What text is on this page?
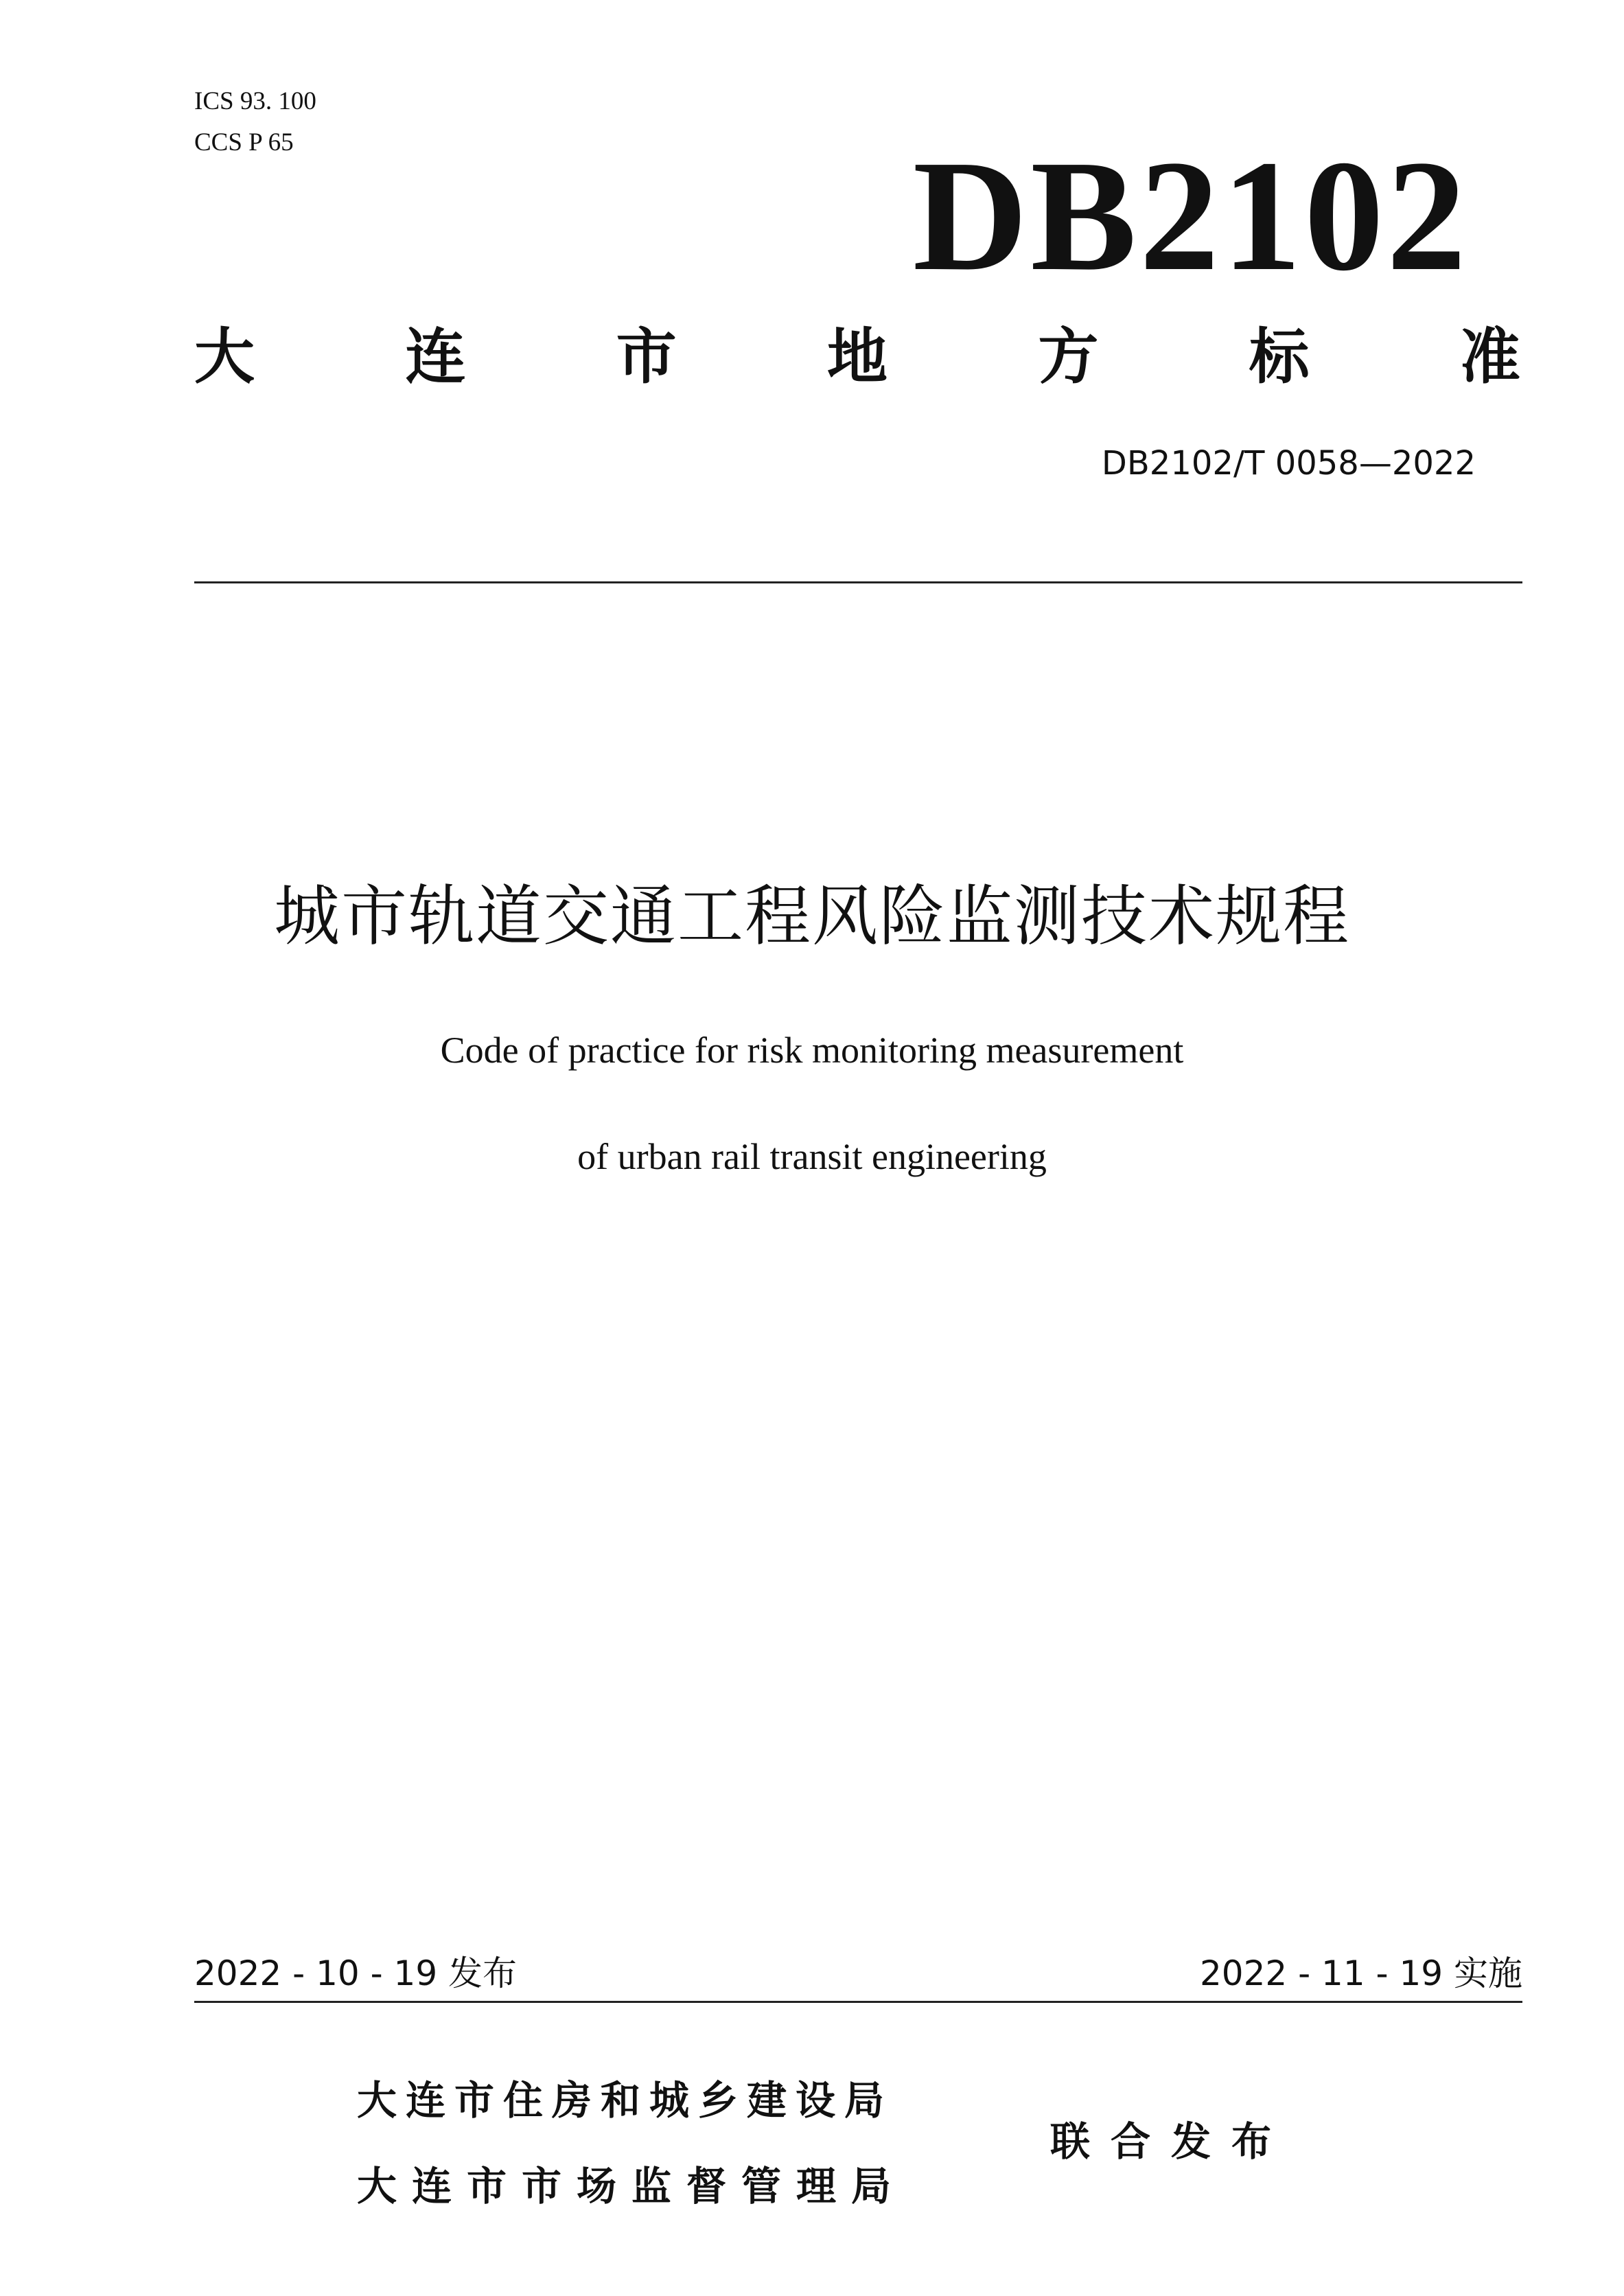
ICS 93. 100
CCS P 65	DB2102
大 连 市 地 方 标 准
DB2102/T 0058—2022
城市轨道交通工程风险监测技术规程
Code of practice for risk monitoring measurement
of urban rail transit engineering
2022 - 10 - 19 发布	2022 - 11 - 19 实施
大连市住房和城乡建设局
大连市市场监督管理局
联合发布
